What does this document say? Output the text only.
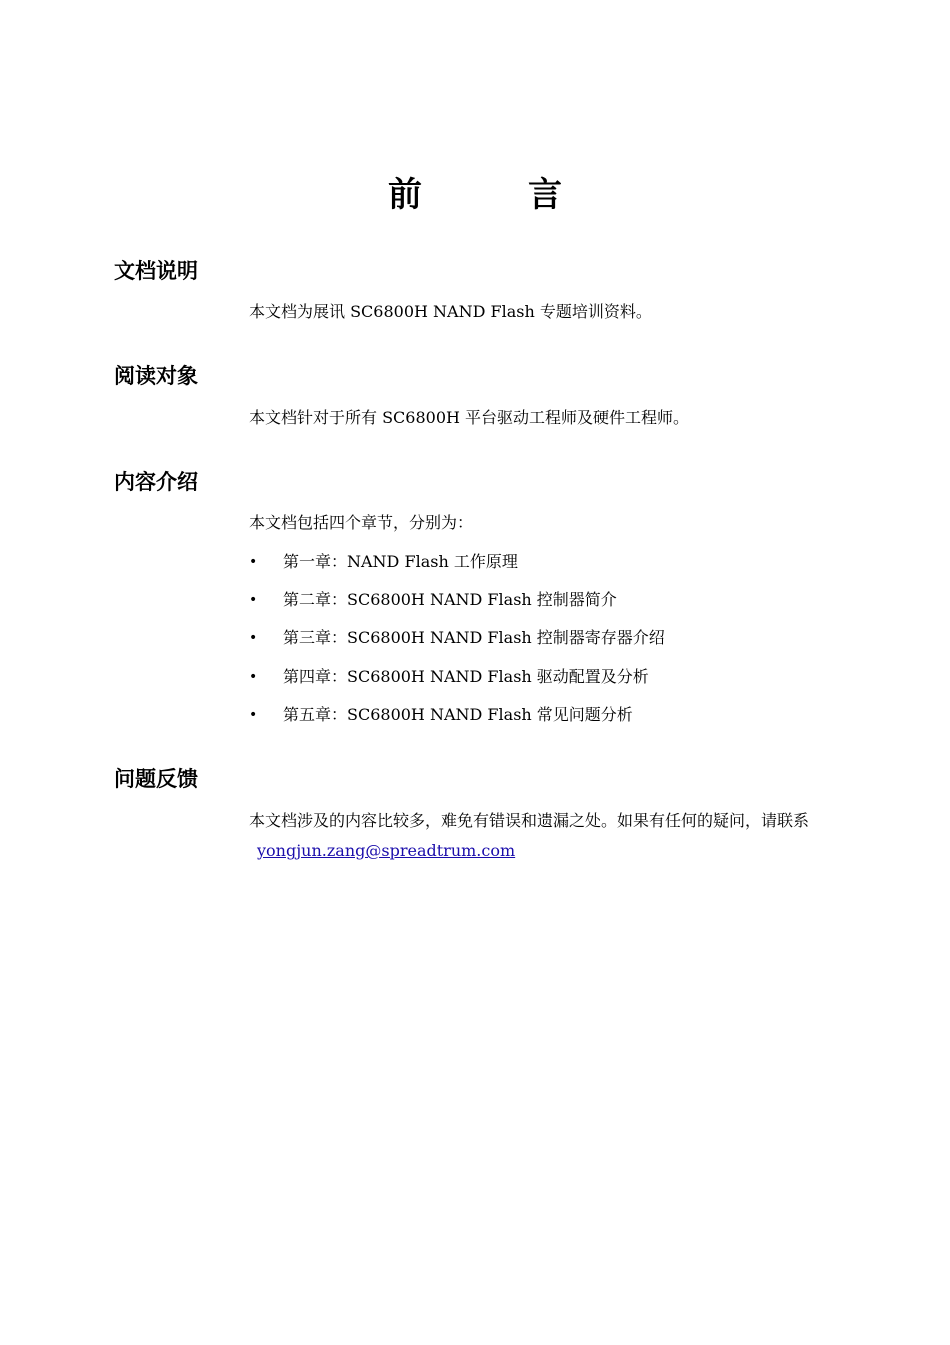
前　言
文档说明
本文档为展讯 SC6800H NAND Flash 专题培训资料。
阅读对象
本文档针对于所有 SC6800H 平台驱动工程师及硬件工程师。
内容介绍
本文档包括四个章节，分别为：
• 第一章：NAND Flash 工作原理
• 第二章：SC6800H NAND Flash 控制器简介
• 第三章：SC6800H NAND Flash 控制器寄存器介绍
• 第四章：SC6800H NAND Flash 驱动配置及分析
• 第五章：SC6800H NAND Flash 常见问题分析
问题反馈
本文档涉及的内容比较多，难免有错误和遗漏之处。如果有任何的疑问，请联系
yongjun.zang@spreadtrum.com
